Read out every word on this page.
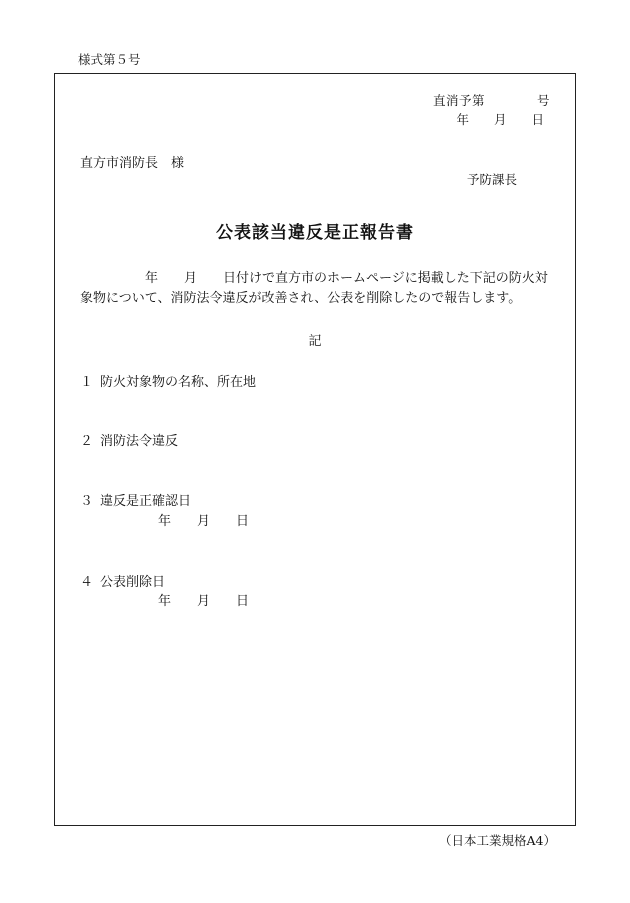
様式第５号
直消予第　　　　号
年　　月　　日
直方市消防長　様
予防課長
公表該当違反是正報告書
　　　　　年　　月　　日付けで直方市のホームページに掲載した下記の防火対
象物について、消防法令違反が改善され、公表を削除したので報告します。
記
１ 防火対象物の名称、所在地
２ 消防法令違反
３ 違反是正確認日
年　　月　　日
４ 公表削除日
年　　月　　日
（日本工業規格A4）
